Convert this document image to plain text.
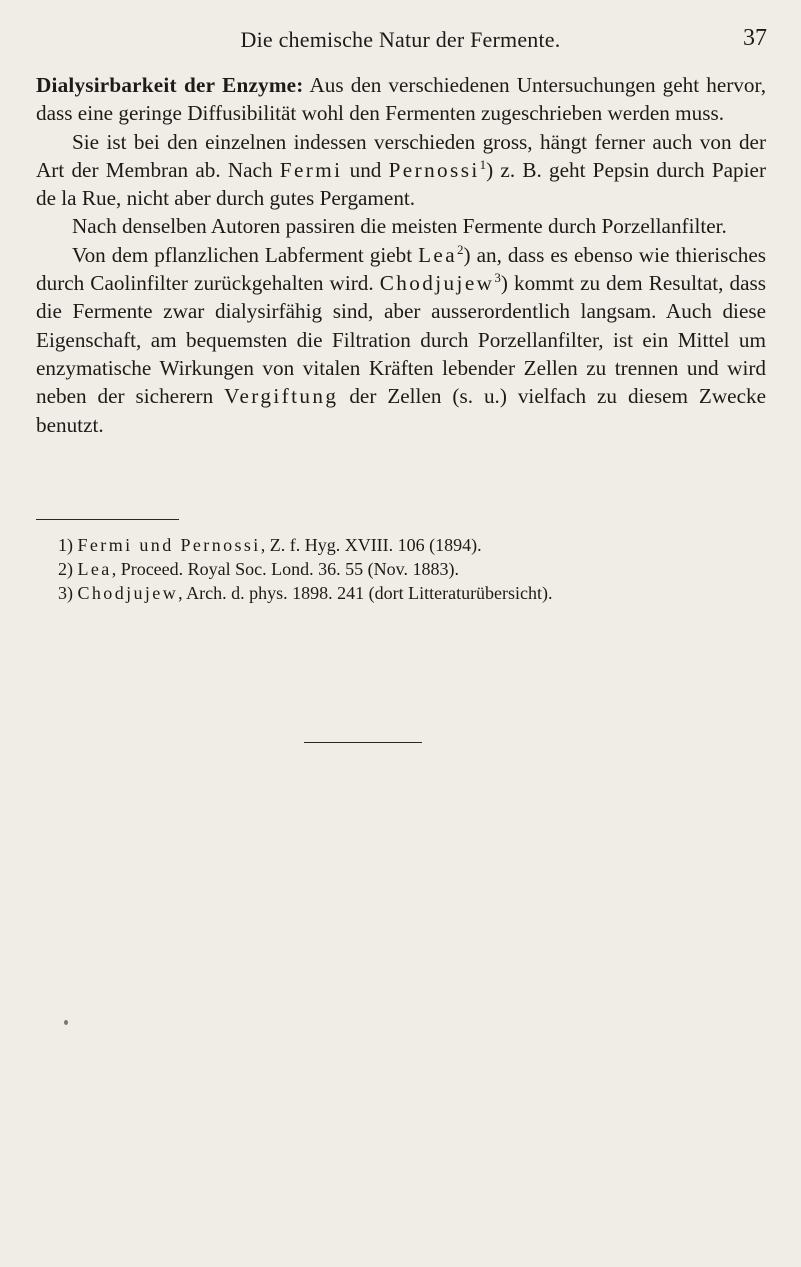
Die chemische Natur der Fermente.	37

Dialysirbarkeit der Enzyme: Aus den verschiedenen Untersuchungen geht hervor, dass eine geringe Diffusibilität wohl den Fermenten zugeschrieben werden muss.

Sie ist bei den einzelnen indessen verschieden gross, hängt ferner auch von der Art der Membran ab. Nach Fermi und Pernossi$^1$) z. B. geht Pepsin durch Papier de la Rue, nicht aber durch gutes Pergament.

Nach denselben Autoren passiren die meisten Fermente durch Porzellanfilter.

Von dem pflanzlichen Labferment giebt Lea$^2$) an, dass es ebenso wie thierisches durch Caolinfilter zurückgehalten wird. Chodjujew$^3$) kommt zu dem Resultat, dass die Fermente zwar dialysirfähig sind, aber ausserordentlich langsam. Auch diese Eigenschaft, am bequemsten die Filtration durch Porzellanfilter, ist ein Mittel um enzymatische Wirkungen von vitalen Kräften lebender Zellen zu trennen und wird neben der sicherern Vergiftung der Zellen (s. u.) vielfach zu diesem Zwecke benutzt.

1) Fermi und Pernossi, Z. f. Hyg. XVIII. 106 (1894).
2) Lea, Proceed. Royal Soc. Lond. 36. 55 (Nov. 1883).
3) Chodjujew, Arch. d. phys. 1898. 241 (dort Litteraturübersicht).
